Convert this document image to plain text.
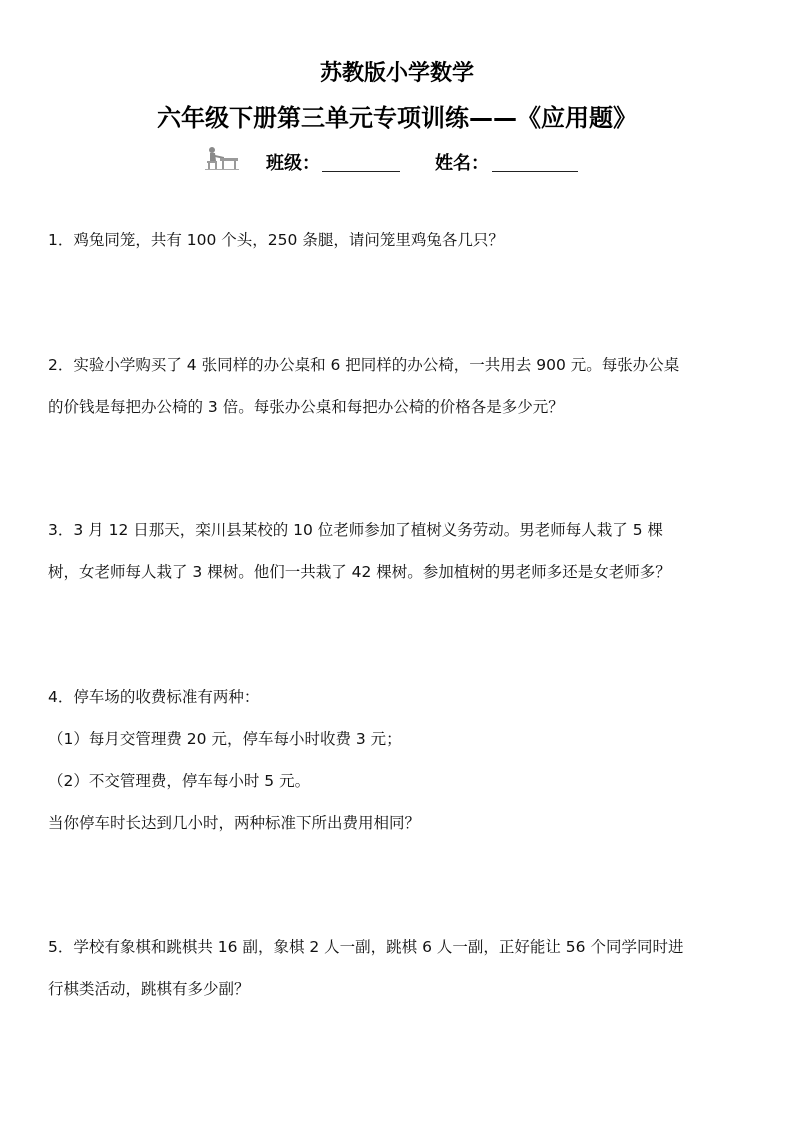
苏教版小学数学
六年级下册第三单元专项训练——《应用题》
班级：	姓名：

1．鸡兔同笼，共有 100 个头，250 条腿，请问笼里鸡兔各几只？

2．实验小学购买了 4 张同样的办公桌和 6 把同样的办公椅，一共用去 900 元。每张办公桌

的价钱是每把办公椅的 3 倍。每张办公桌和每把办公椅的价格各是多少元？

3．3 月 12 日那天，栾川县某校的 10 位老师参加了植树义务劳动。男老师每人栽了 5 棵

树，女老师每人栽了 3 棵树。他们一共栽了 42 棵树。参加植树的男老师多还是女老师多？

4．停车场的收费标准有两种：

（1）每月交管理费 20 元，停车每小时收费 3 元；

（2）不交管理费，停车每小时 5 元。

当你停车时长达到几小时，两种标准下所出费用相同？

5．学校有象棋和跳棋共 16 副，象棋 2 人一副，跳棋 6 人一副，正好能让 56 个同学同时进

行棋类活动，跳棋有多少副？
